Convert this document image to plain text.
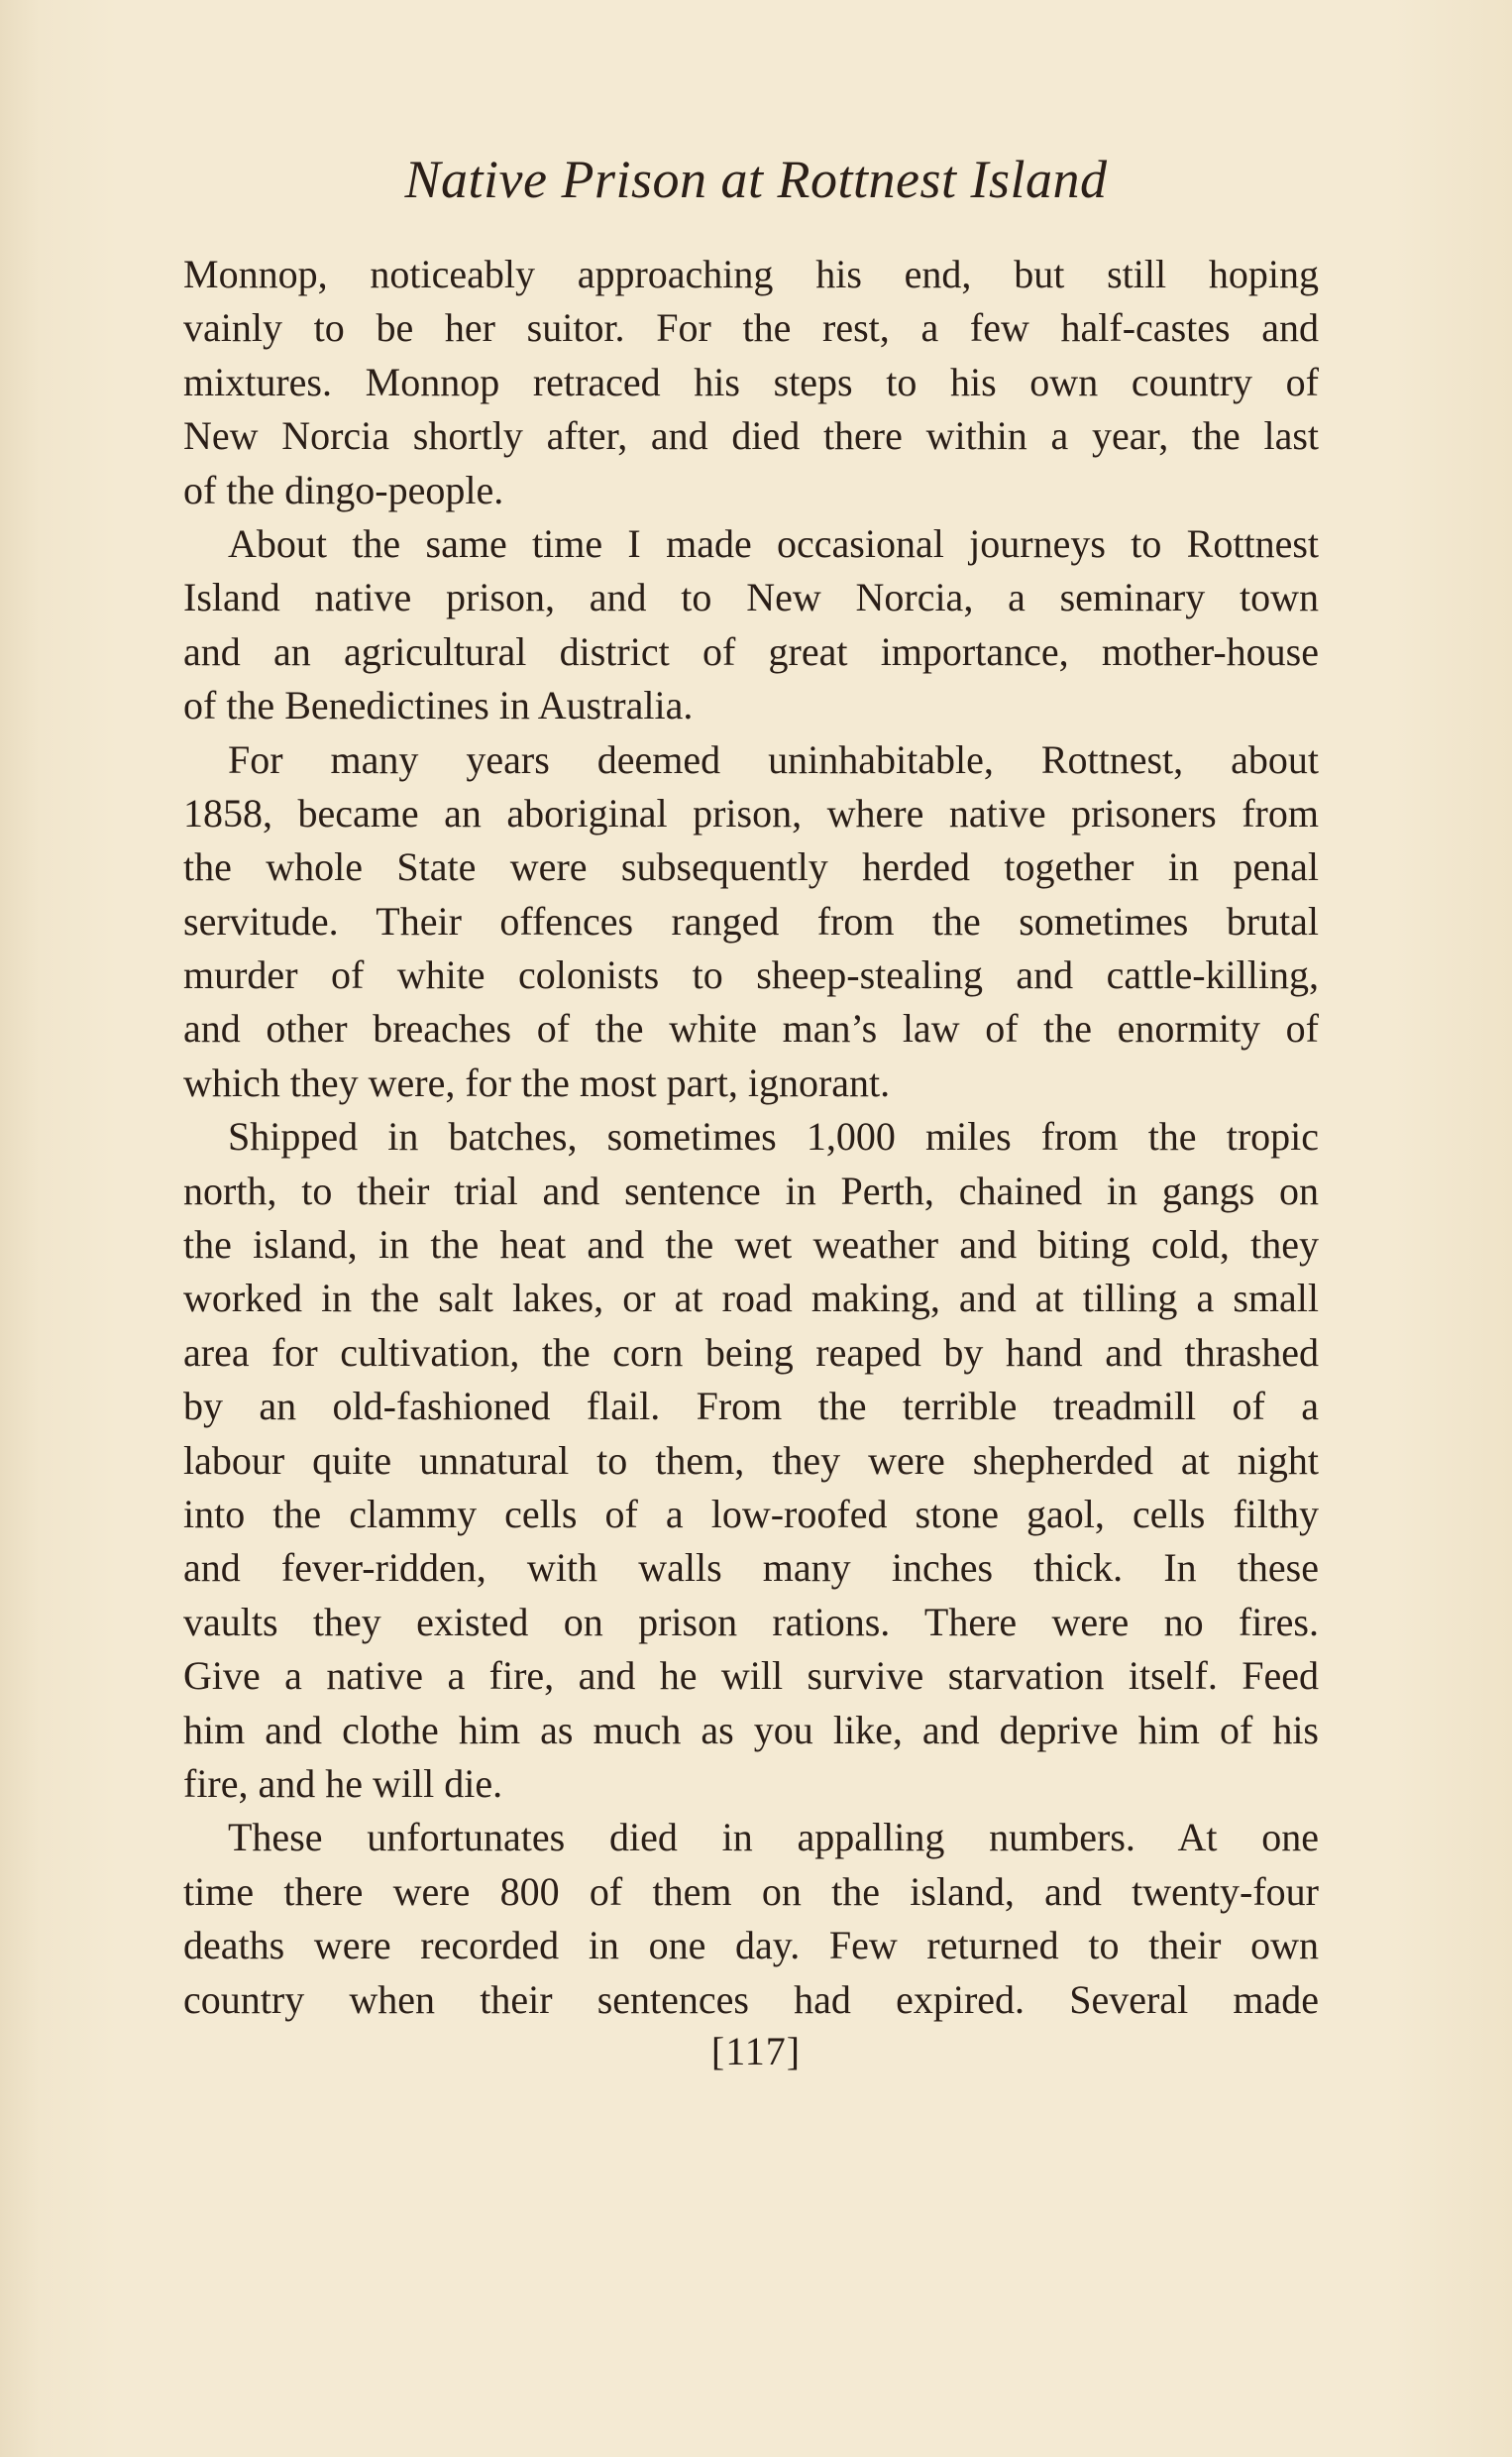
Native Prison at Rottnest Island
Monnop, noticeably approaching his end, but still hoping
vainly to be her suitor. For the rest, a few half-castes and
mixtures. Monnop retraced his steps to his own country of
New Norcia shortly after, and died there within a year, the last
of the dingo-people.
About the same time I made occasional journeys to Rottnest
Island native prison, and to New Norcia, a seminary town
and an agricultural district of great importance, mother-house
of the Benedictines in Australia.
For many years deemed uninhabitable, Rottnest, about
1858, became an aboriginal prison, where native prisoners from
the whole State were subsequently herded together in penal
servitude. Their offences ranged from the sometimes brutal
murder of white colonists to sheep-stealing and cattle-killing,
and other breaches of the white man’s law of the enormity of
which they were, for the most part, ignorant.
Shipped in batches, sometimes 1,000 miles from the tropic
north, to their trial and sentence in Perth, chained in gangs on
the island, in the heat and the wet weather and biting cold, they
worked in the salt lakes, or at road making, and at tilling a small
area for cultivation, the corn being reaped by hand and thrashed
by an old-fashioned flail. From the terrible treadmill of a
labour quite unnatural to them, they were shepherded at night
into the clammy cells of a low-roofed stone gaol, cells filthy
and fever-ridden, with walls many inches thick. In these
vaults they existed on prison rations. There were no fires.
Give a native a fire, and he will survive starvation itself. Feed
him and clothe him as much as you like, and deprive him of his
fire, and he will die.
These unfortunates died in appalling numbers. At one
time there were 800 of them on the island, and twenty-four
deaths were recorded in one day. Few returned to their own
country when their sentences had expired. Several made
[117]
